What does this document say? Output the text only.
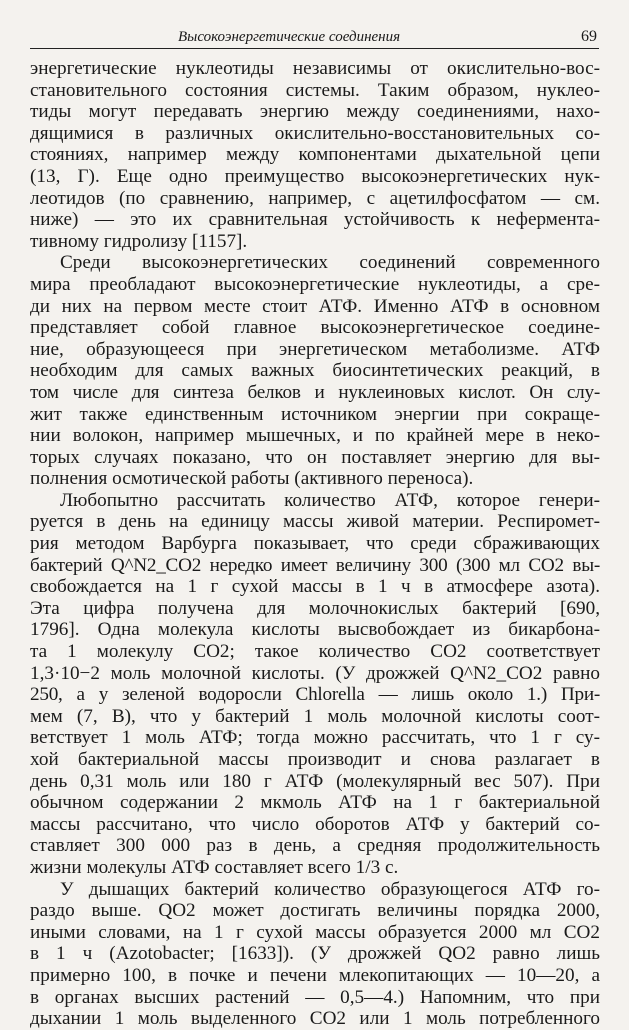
Высокоэнергетические соединения	69
энергетические нуклеотиды независимы от окислительно-вос-
становительного состояния системы. Таким образом, нуклео-
тиды могут передавать энергию между соединениями, нахо-
дящимися в различных окислительно-восстановительных со-
стояниях, например между компонентами дыхательной цепи
(13, Г). Еще одно преимущество высокоэнергетических нук-
леотидов (по сравнению, например, с ацетилфосфатом — см.
ниже) — это их сравнительная устойчивость к неферментa-
тивному гидролизу [1157].
Среди высокоэнергетических соединений современного
мира преобладают высокоэнергетические нуклеотиды, а сре-
ди них на первом месте стоит АТФ. Именно АТФ в основном
представляет собой главное высокоэнергетическое соедине-
ние, образующееся при энергетическом метаболизме. АТФ
необходим для самых важных биосинтетических реакций, в
том числе для синтеза белков и нуклеиновых кислот. Он слу-
жит также единственным источником энергии при сокраще-
нии волокон, например мышечных, и по крайней мере в неко-
торых случаях показано, что он поставляет энергию для вы-
полнения осмотической работы (активного переноса).
Любопытно рассчитать количество АТФ, которое генери-
руется в день на единицу массы живой материи. Респиромет-
рия методом Варбурга показывает, что среди сбраживающих
бактерий Q^N2_CO2 нередко имеет величину 300 (300 мл CO2 вы-
свобождается на 1 г сухой массы в 1 ч в атмосфере азота).
Эта цифра получена для молочнокислых бактерий [690,
1796]. Одна молекула кислоты высвобождает из бикарбона-
та 1 молекулу CO2; такое количество CO2 соответствует
1,3·10−2 моль молочной кислоты. (У дрожжей Q^N2_CO2 равно
250, а у зеленой водоросли Chlorella — лишь около 1.) При-
мем (7, В), что у бактерий 1 моль молочной кислоты соот-
ветствует 1 моль АТФ; тогда можно рассчитать, что 1 г су-
хой бактериальной массы производит и снова разлагает в
день 0,31 моль или 180 г АТФ (молекулярный вес 507). При
обычном содержании 2 мкмоль АТФ на 1 г бактериальной
массы рассчитано, что число оборотов АТФ у бактерий со-
ставляет 300 000 раз в день, а средняя продолжительность
жизни молекулы АТФ составляет всего 1/3 с.
У дышащих бактерий количество образующегося АТФ го-
раздо выше. QO2 может достигать величины порядка 2000,
иными словами, на 1 г сухой массы образуется 2000 мл CO2
в 1 ч (Azotobacter; [1633]). (У дрожжей QO2 равно лишь
примерно 100, в почке и печени млекопитающих — 10—20, а
в органах высших растений — 0,5—4.) Напомним, что при
дыхании 1 моль выделенного CO2 или 1 моль потребленного
